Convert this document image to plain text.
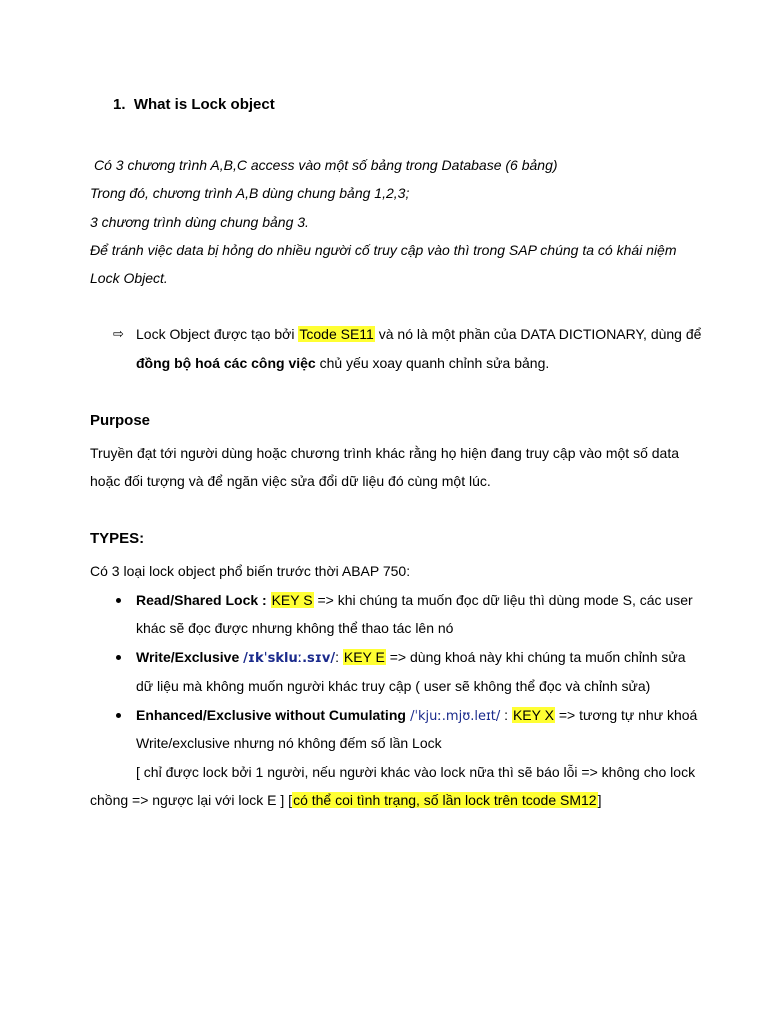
1. What is Lock object
Có 3 chương trình A,B,C access vào một số bảng trong Database (6 bảng)
Trong đó, chương trình A,B dùng chung bảng 1,2,3;
3 chương trình dùng chung bảng 3.
Để tránh việc data bị hỏng do nhiều người cố truy cập vào thì trong SAP chúng ta có khái niệm
Lock Object.
⇨ Lock Object được tạo bởi Tcode SE11 và nó là một phần của DATA DICTIONARY, dùng để
đồng bộ hoá các công việc chủ yếu xoay quanh chỉnh sửa bảng.
Purpose
Truyền đạt tới người dùng hoặc chương trình khác rằng họ hiện đang truy cập vào một số data
hoặc đối tượng và để ngăn việc sửa đổi dữ liệu đó cùng một lúc.
TYPES:
Có 3 loại lock object phổ biến trước thời ABAP 750:
Read/Shared Lock : KEY S => khi chúng ta muốn đọc dữ liệu thì dùng mode S, các user
khác sẽ đọc được nhưng không thể thao tác lên nó
Write/Exclusive /ɪkˈskluː.sɪv/: KEY E => dùng khoá này khi chúng ta muốn chỉnh sửa
dữ liệu mà không muốn người khác truy cập ( user sẽ không thể đọc và chỉnh sửa)
Enhanced/Exclusive without Cumulating /ˈkjuː.mjʊ.leɪt/ : KEY X => tương tự như khoá
Write/exclusive nhưng nó không đếm số lần Lock
[ chỉ được lock bởi 1 người, nếu người khác vào lock nữa thì sẽ báo lỗi => không cho lock
chồng => ngược lại với lock E ] [có thể coi tình trạng, số lần lock trên tcode SM12]
